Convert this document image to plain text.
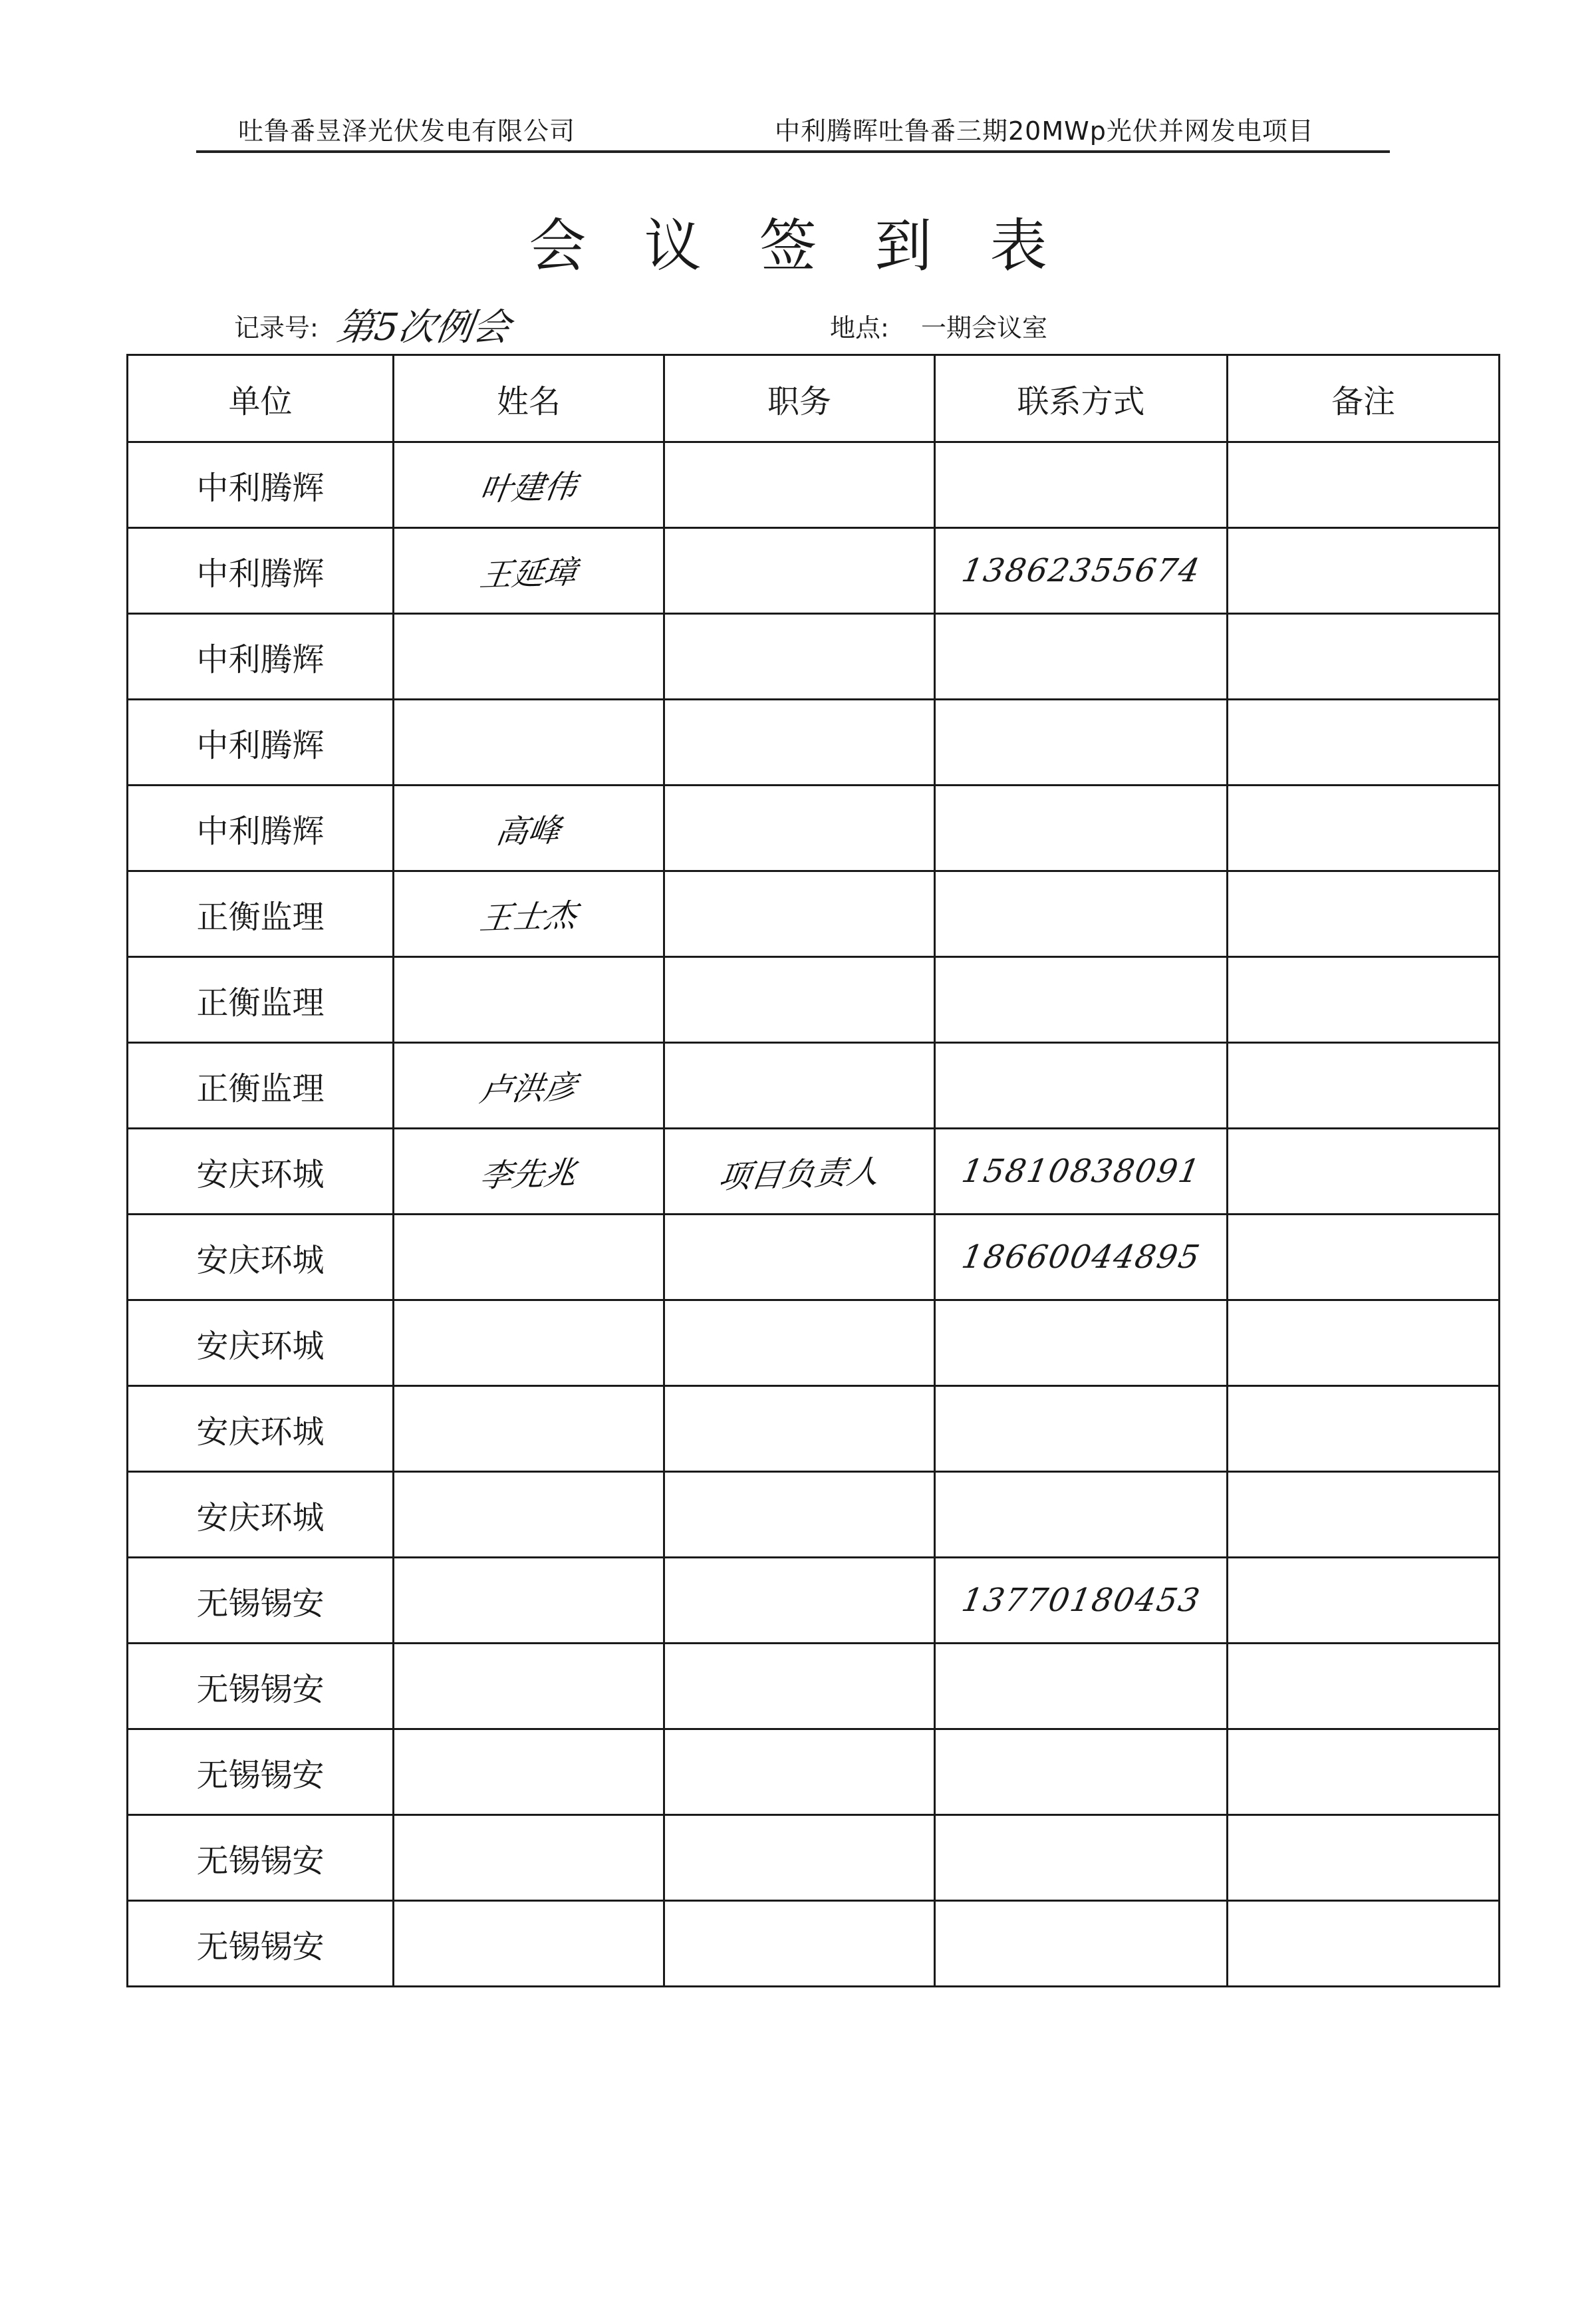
吐鲁番昱泽光伏发电有限公司	中利腾晖吐鲁番三期20MWp光伏并网发电项目
会 议 签 到 表
记录号: 第5次例会	地点: 一期会议室
单位	姓名	职务	联系方式	备注
中利腾辉	叶建伟			
中利腾辉	王延璋		13862355674	
中利腾辉				
中利腾辉				
中利腾辉	高峰			
正衡监理	王士杰			
正衡监理				
正衡监理	卢洪彦			
安庆环城	李先兆	项目负责人	15810838091	
安庆环城			18660044895	
安庆环城				
安庆环城				
安庆环城				
无锡锡安			13770180453	
无锡锡安				
无锡锡安				
无锡锡安				
无锡锡安				
